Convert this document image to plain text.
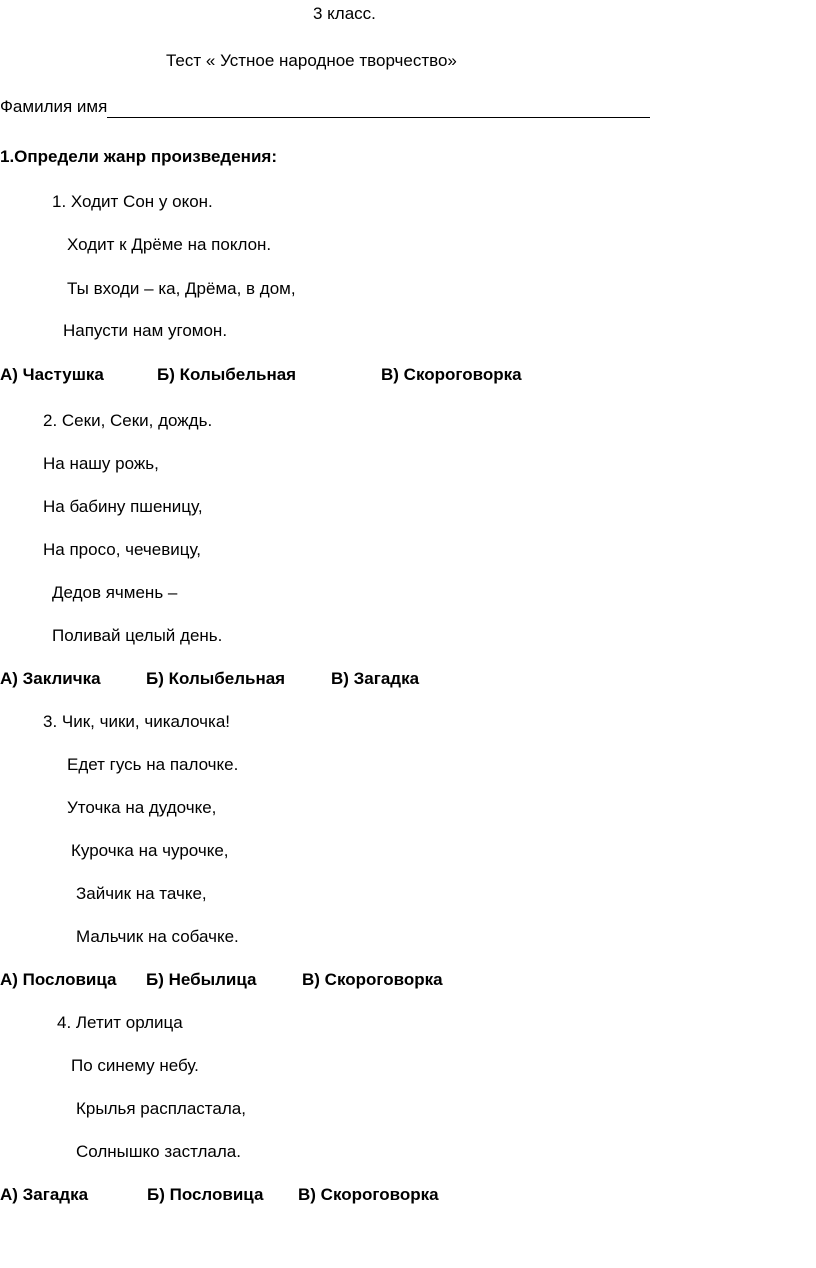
3 класс.
Тест « Устное народное творчество»
Фамилия имя
1.Определи жанр произведения:
1. Ходит Сон у окон.
Ходит к Дрёме на поклон.
Ты входи – ка, Дрёма, в дом,
Напусти нам угомон.
А) Частушка	Б) Колыбельная	В) Скороговорка
2. Секи, Секи, дождь.
На нашу рожь,
На бабину пшеницу,
На просо, чечевицу,
Дедов ячмень –
Поливай целый день.
А) Закличка	Б) Колыбельная	В) Загадка
3. Чик, чики, чикалочка!
Едет гусь на палочке.
Уточка на дудочке,
Курочка на чурочке,
Зайчик на тачке,
Мальчик на собачке.
А) Пословица Б) Небылица	В) Скороговорка
4. Летит орлица
По синему небу.
Крылья распластала,
Солнышко застлала.
А) Загадка	Б) Пословица В) Скороговорка
